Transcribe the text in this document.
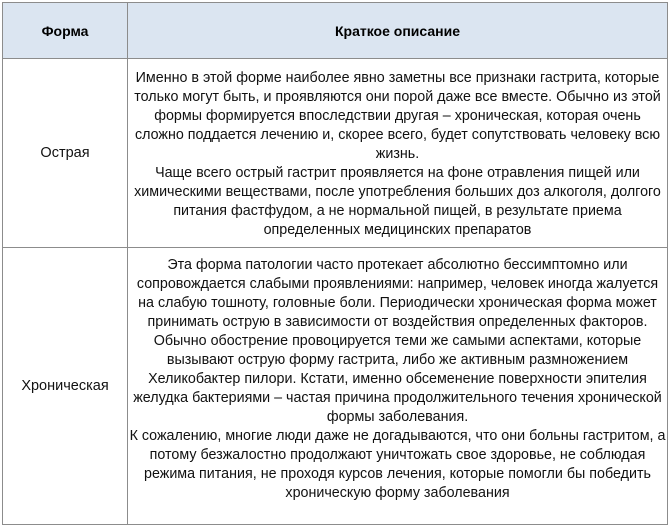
Форма	Краткое описание
Острая	Именно в этой форме наиболее явно заметны все признаки гастрита, которые только могут быть, и проявляются они порой даже все вместе. Обычно из этой формы формируется впоследствии другая – хроническая, которая очень сложно поддается лечению и, скорее всего, будет сопутствовать человеку всю жизнь.

Чаще всего острый гастрит проявляется на фоне отравления пищей или химическими веществами, после употребления больших доз алкоголя, долгого питания фастфудом, а не нормальной пищей, в результате приема определенных медицинских препаратов

Хроническая	Эта форма патологии часто протекает абсолютно бессимптомно или сопровождается слабыми проявлениями: например, человек иногда жалуется на слабую тошноту, головные боли. Периодически хроническая форма может принимать острую в зависимости от воздействия определенных факторов. Обычно обострение провоцируется теми же самыми аспектами, которые вызывают острую форму гастрита, либо же активным размножением Хеликобактер пилори. Кстати, именно обсеменение поверхности эпителия желудка бактериями – частая причина продолжительного течения хронической формы заболевания.

К сожалению, многие люди даже не догадываются, что они больны гастритом, а потому безжалостно продолжают уничтожать свое здоровье, не соблюдая режима питания, не проходя курсов лечения, которые помогли бы победить хроническую форму заболевания
